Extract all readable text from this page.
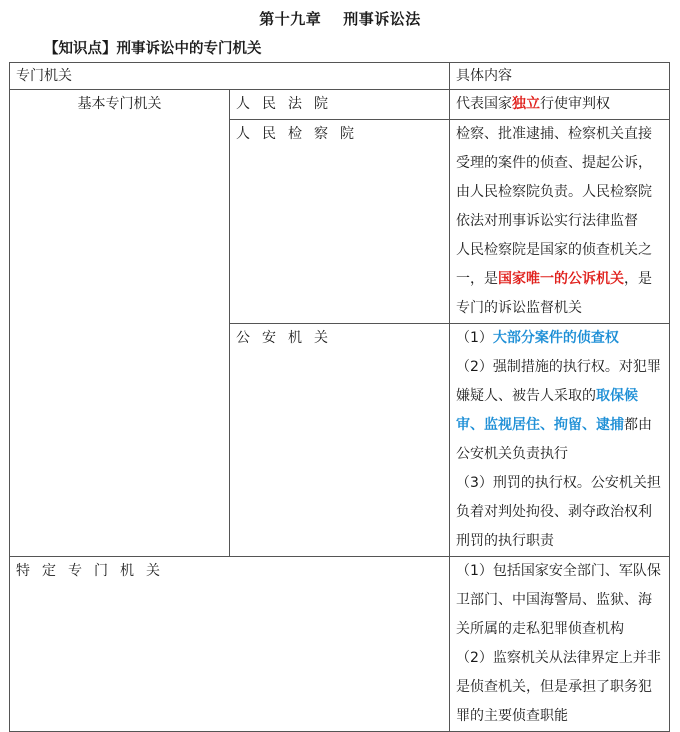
第十九章 刑事诉讼法
【知识点】刑事诉讼中的专门机关
专门机关		具体内容

基本专门机关	人民法院	代表国家独立行使审判权
	人民检察院	检察、批准逮捕、检察机关直接受理的案件的侦查、提起公诉，由人民检察院负责。人民检察院依法对刑事诉讼实行法律监督
人民检察院是国家的侦查机关之一，是国家唯一的公诉机关，是专门的诉讼监督机关

	公安机关	（1）大部分案件的侦查权
（2）强制措施的执行权。对犯罪嫌疑人、被告人采取的取保候审、监视居住、拘留、逮捕都由公安机关负责执行
（3）刑罚的执行权。公安机关担负着对判处拘役、剥夺政治权利刑罚的执行职责

特定专门机关		（1）包括国家安全部门、军队保卫部门、中国海警局、监狱、海关所属的走私犯罪侦查机构
（2）监察机关从法律界定上并非是侦查机关，但是承担了职务犯罪的主要侦查职能
